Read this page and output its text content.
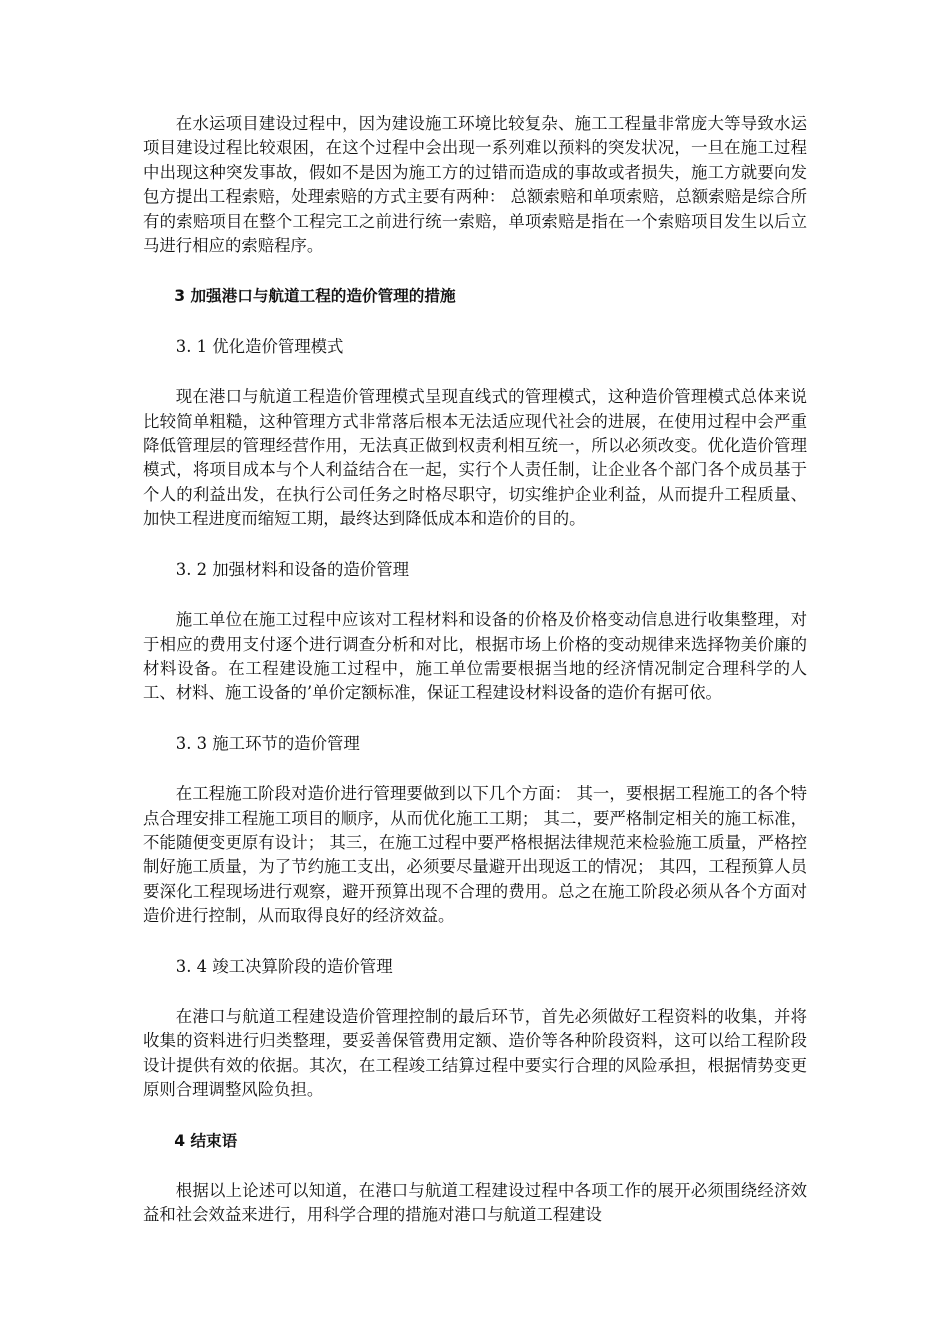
在水运项目建设过程中，因为建设施工环境比较复杂、施工工程量非常庞大等导致水运项目建设过程比较艰困，在这个过程中会出现一系列难以预料的突发状况，一旦在施工过程中出现这种突发事故，假如不是因为施工方的过错而造成的事故或者损失，施工方就要向发包方提出工程索赔，处理索赔的方式主要有两种： 总额索赔和单项索赔，总额索赔是综合所有的索赔项目在整个工程完工之前进行统一索赔，单项索赔是指在一个索赔项目发生以后立马进行相应的索赔程序。

3 加强港口与航道工程的造价管理的措施

3. 1 优化造价管理模式

现在港口与航道工程造价管理模式呈现直线式的管理模式，这种造价管理模式总体来说比较简单粗糙，这种管理方式非常落后根本无法适应现代社会的进展，在使用过程中会严重降低管理层的管理经营作用，无法真正做到权责利相互统一，所以必须改变。优化造价管理模式，将项目成本与个人利益结合在一起，实行个人责任制，让企业各个部门各个成员基于个人的利益出发，在执行公司任务之时格尽职守，切实维护企业利益，从而提升工程质量、加快工程进度而缩短工期，最终达到降低成本和造价的目的。

3. 2 加强材料和设备的造价管理

施工单位在施工过程中应该对工程材料和设备的价格及价格变动信息进行收集整理，对于相应的费用支付逐个进行调查分析和对比，根据市场上价格的变动规律来选择物美价廉的材料设备。在工程建设施工过程中，施工单位需要根据当地的经济情况制定合理科学的人工、材料、施工设备的’单价定额标准，保证工程建设材料设备的造价有据可依。

3. 3 施工环节的造价管理

在工程施工阶段对造价进行管理要做到以下几个方面： 其一，要根据工程施工的各个特点合理安排工程施工项目的顺序，从而优化施工工期； 其二，要严格制定相关的施工标准，不能随便变更原有设计； 其三，在施工过程中要严格根据法律规范来检验施工质量，严格控制好施工质量，为了节约施工支出，必须要尽量避开出现返工的情况； 其四，工程预算人员要深化工程现场进行观察，避开预算出现不合理的费用。总之在施工阶段必须从各个方面对造价进行控制，从而取得良好的经济效益。

3. 4 竣工决算阶段的造价管理

在港口与航道工程建设造价管理控制的最后环节，首先必须做好工程资料的收集，并将收集的资料进行归类整理，要妥善保管费用定额、造价等各种阶段资料，这可以给工程阶段设计提供有效的依据。其次，在工程竣工结算过程中要实行合理的风险承担，根据情势变更原则合理调整风险负担。

4 结束语

根据以上论述可以知道，在港口与航道工程建设过程中各项工作的展开必须围绕经济效益和社会效益来进行，用科学合理的措施对港口与航道工程建设
